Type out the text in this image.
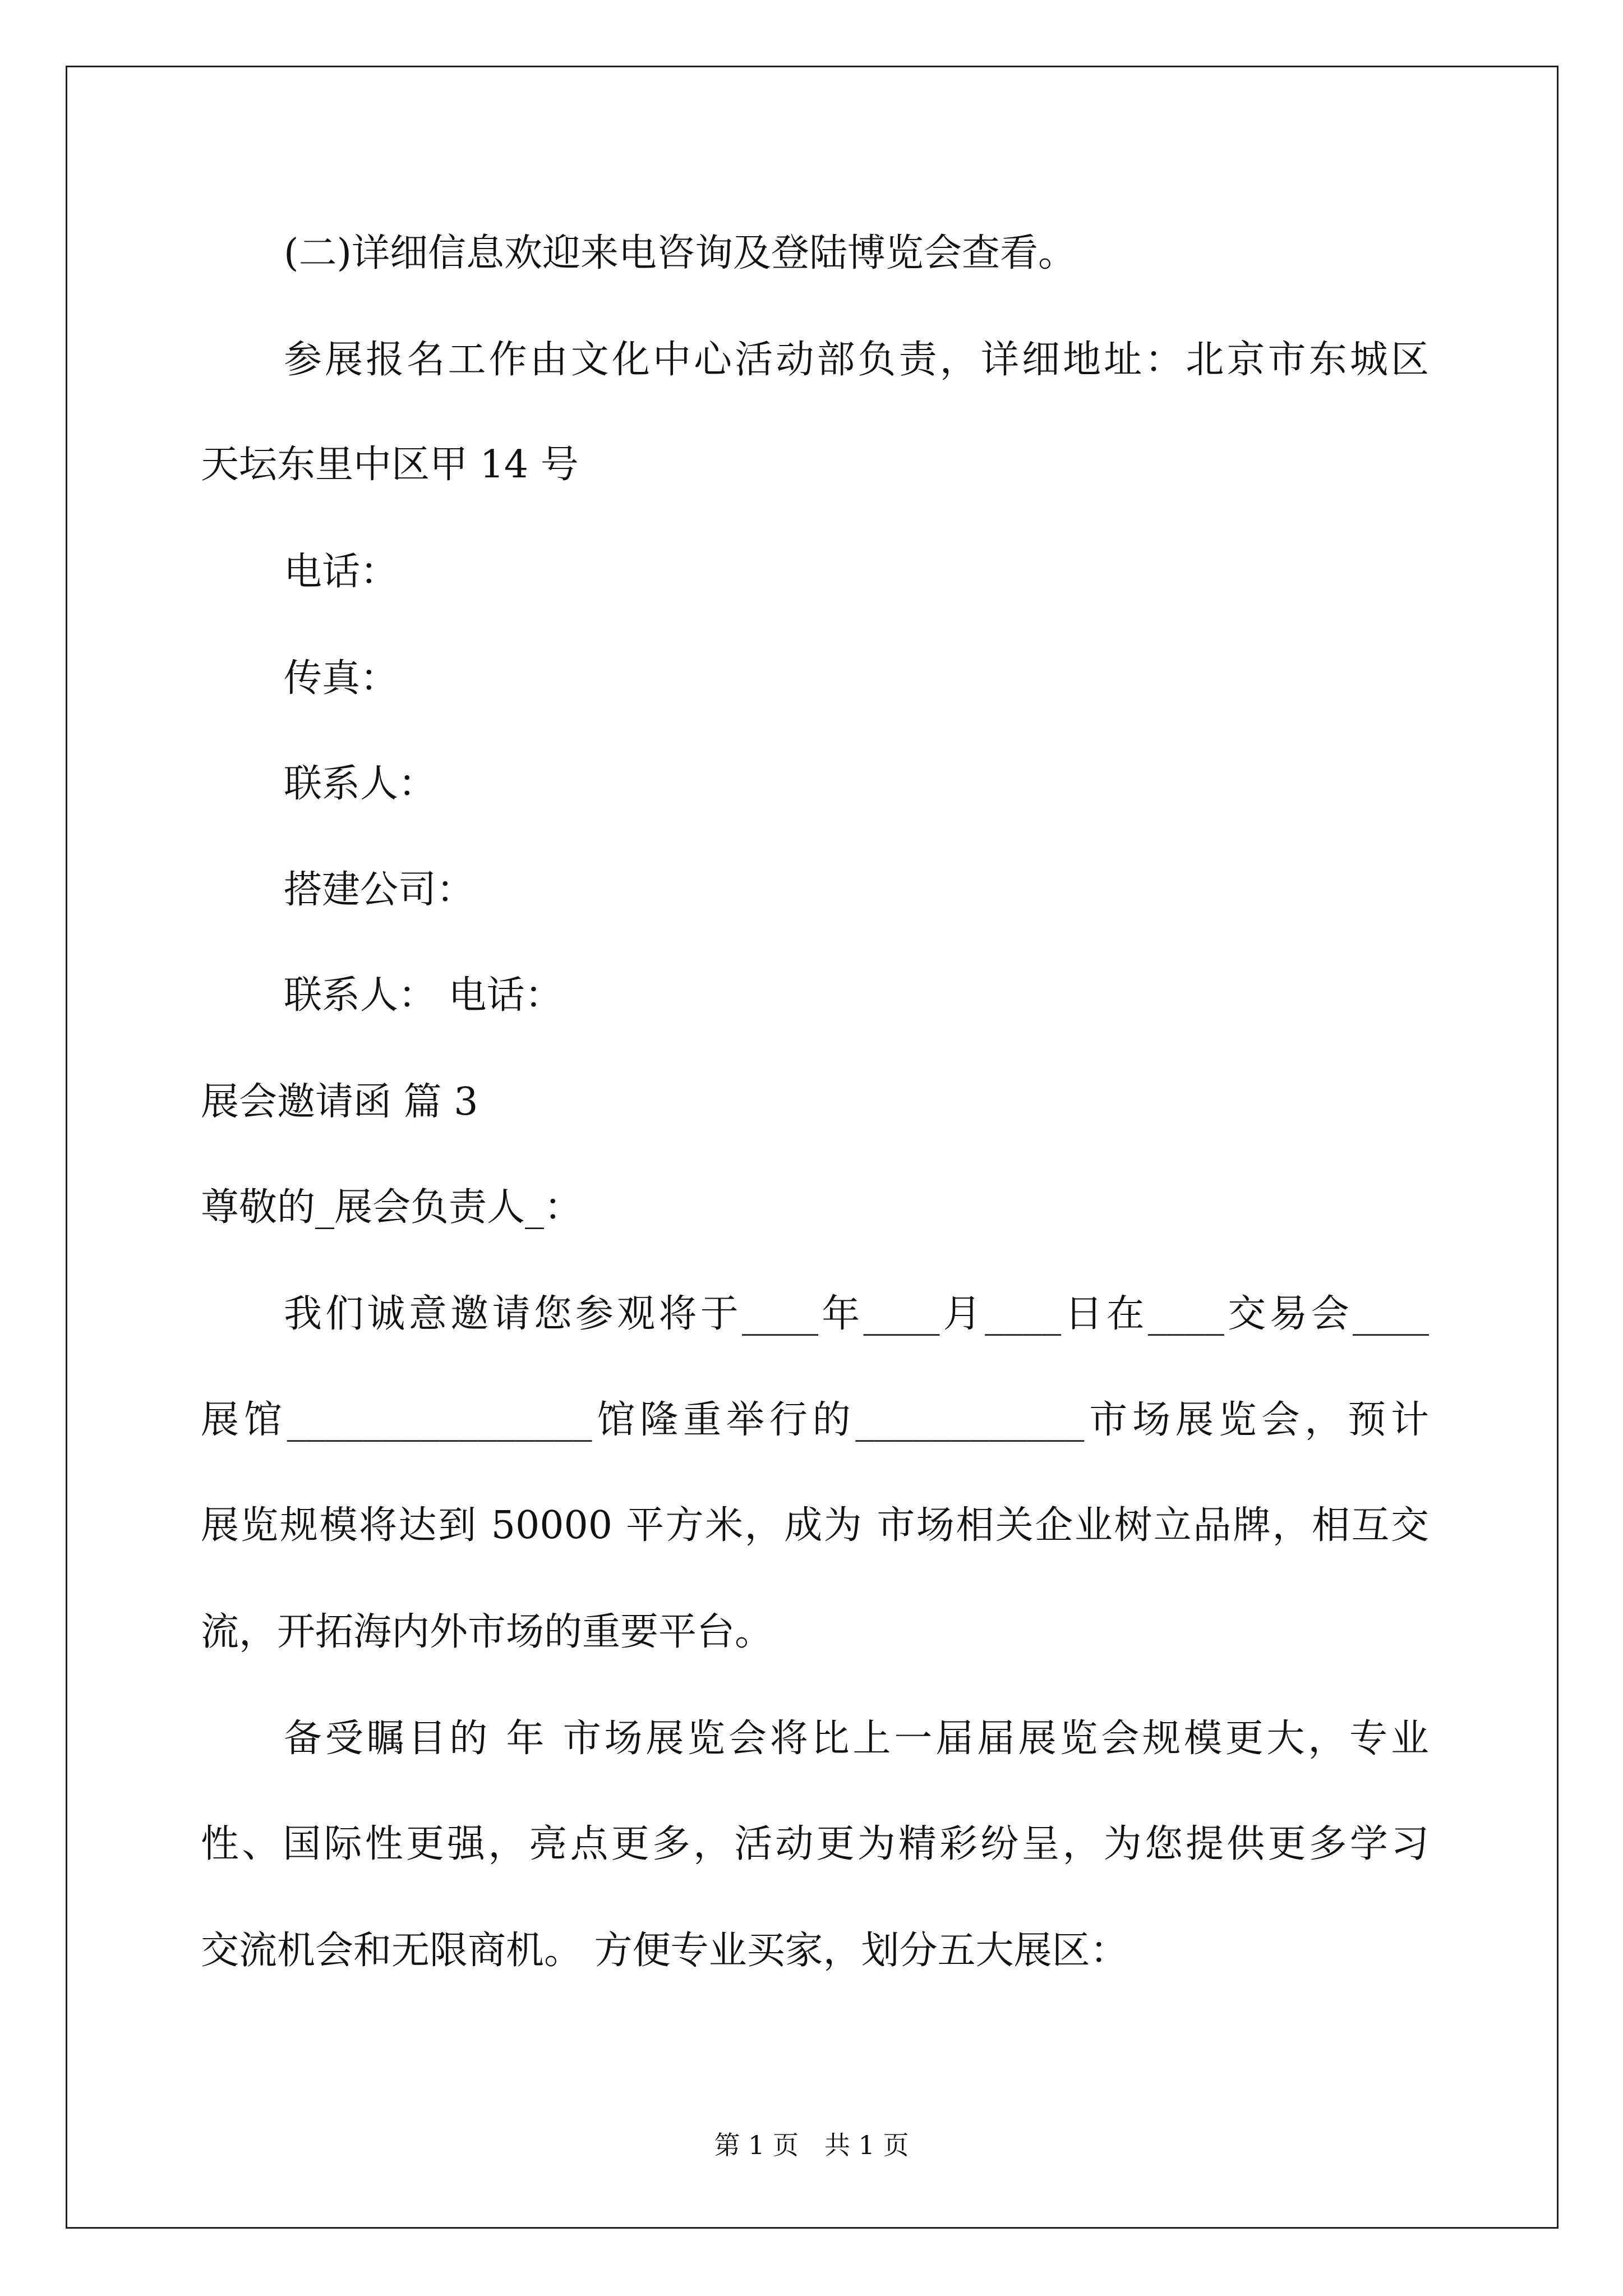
(二)详细信息欢迎来电咨询及登陆博览会查看。
参展报名工作由文化中心活动部负责，详细地址：北京市东城区
天坛东里中区甲 14 号
电话：
传真：
联系人：
搭建公司：
联系人： 电话：
展会邀请函 篇 3
尊敬的_展会负责人_：
我们诚意邀请您参观将于____年____月____日在____交易会____
展馆________________馆隆重举行的____________市场展览会，预计
展览规模将达到 50000 平方米，成为 市场相关企业树立品牌，相互交
流，开拓海内外市场的重要平台。
备受瞩目的 年 市场展览会将比上一届届展览会规模更大，专业
性、国际性更强，亮点更多，活动更为精彩纷呈，为您提供更多学习
交流机会和无限商机。 方便专业买家，划分五大展区：
第 1 页　共 1 页
